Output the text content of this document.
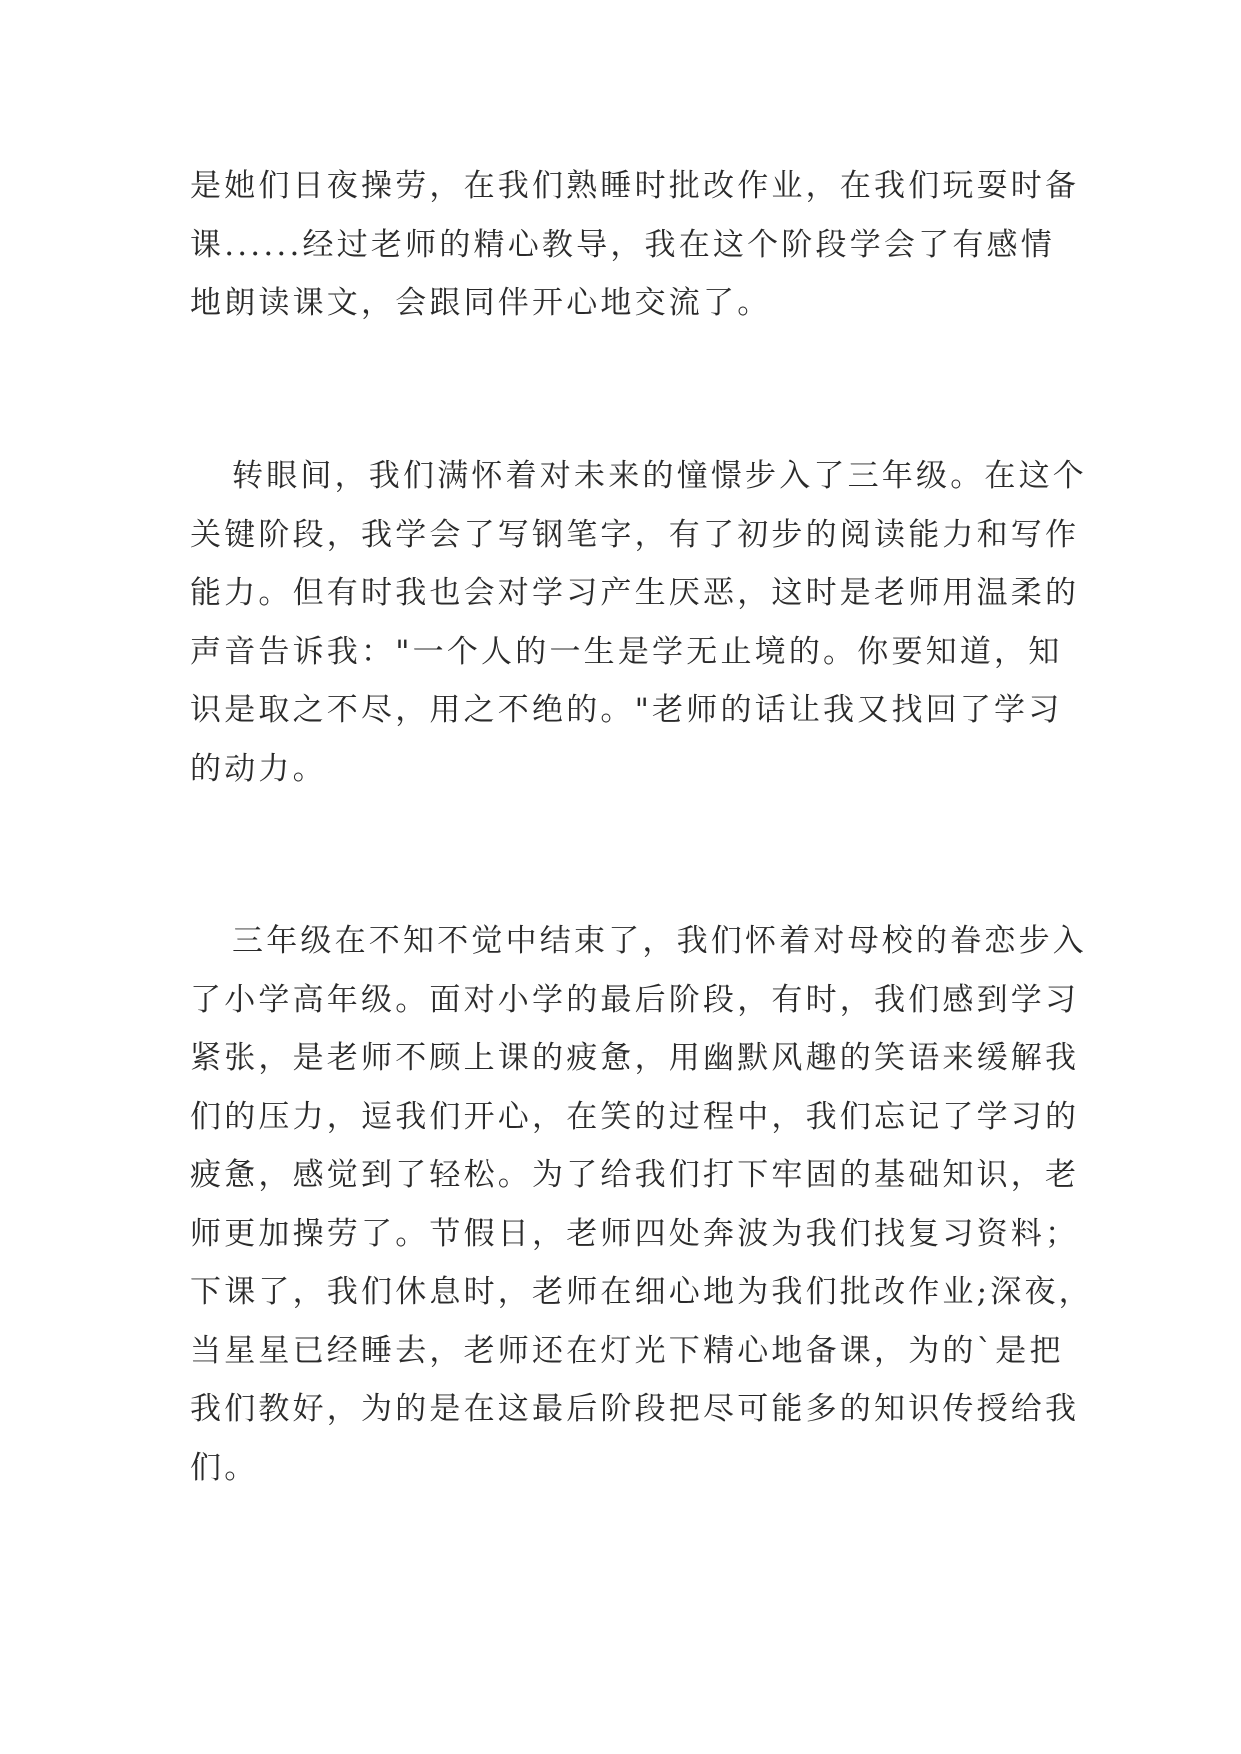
是她们日夜操劳，在我们熟睡时批改作业，在我们玩耍时备
课......经过老师的精心教导，我在这个阶段学会了有感情
地朗读课文，会跟同伴开心地交流了。
转眼间，我们满怀着对未来的憧憬步入了三年级。在这个
关键阶段，我学会了写钢笔字，有了初步的阅读能力和写作
能力。但有时我也会对学习产生厌恶，这时是老师用温柔的
声音告诉我："一个人的一生是学无止境的。你要知道，知
识是取之不尽，用之不绝的。"老师的话让我又找回了学习
的动力。
三年级在不知不觉中结束了，我们怀着对母校的眷恋步入
了小学高年级。面对小学的最后阶段，有时，我们感到学习
紧张，是老师不顾上课的疲惫，用幽默风趣的笑语来缓解我
们的压力，逗我们开心，在笑的过程中，我们忘记了学习的
疲惫，感觉到了轻松。为了给我们打下牢固的基础知识，老
师更加操劳了。节假日，老师四处奔波为我们找复习资料；
下课了，我们休息时，老师在细心地为我们批改作业;深夜，
当星星已经睡去，老师还在灯光下精心地备课，为的`是把
我们教好，为的是在这最后阶段把尽可能多的知识传授给我
们。
